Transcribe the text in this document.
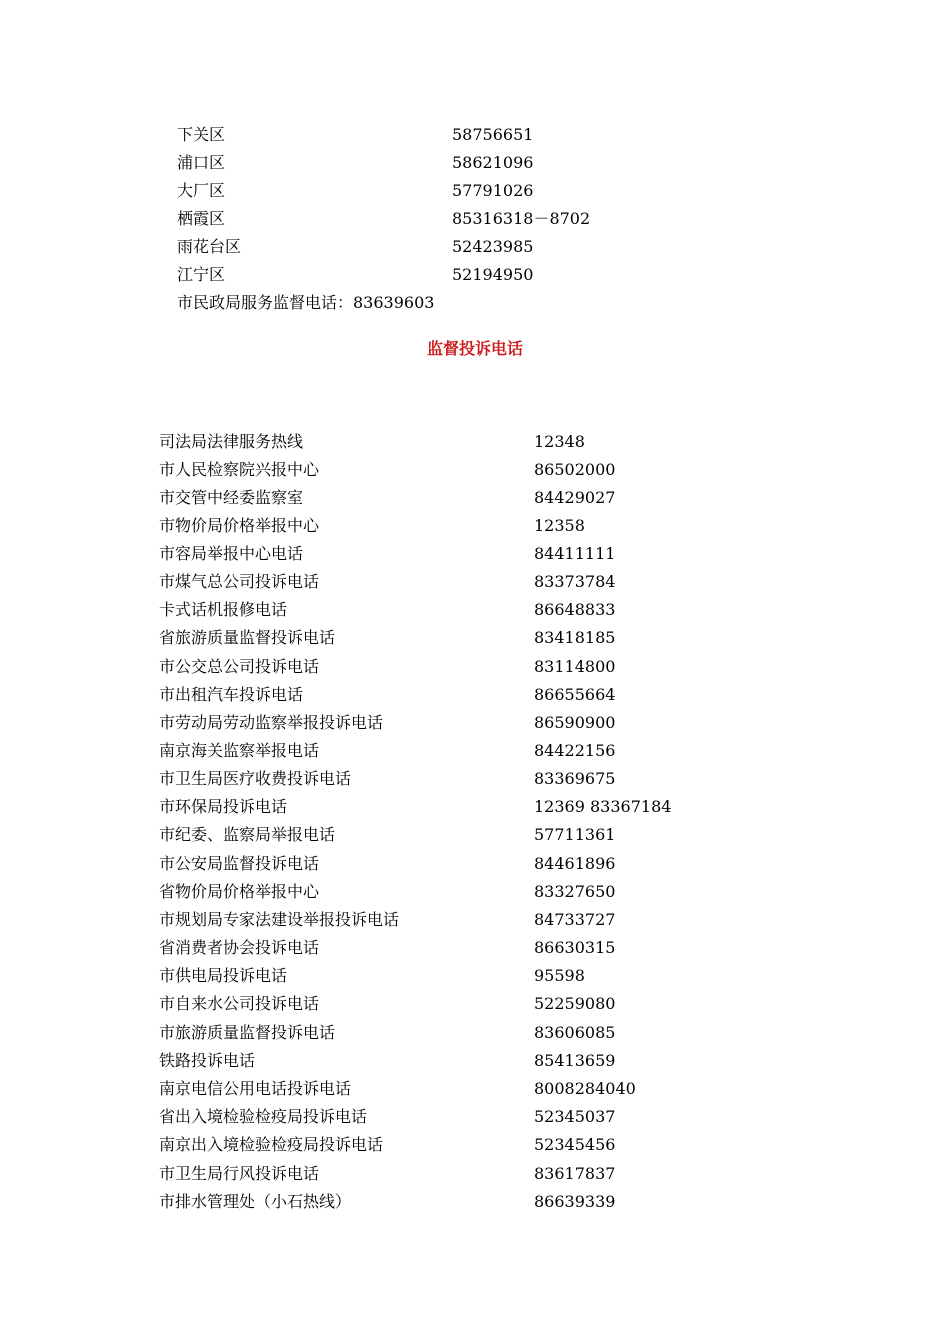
下关区	58756651
浦口区	58621096
大厂区	57791026
栖霞区	85316318－8702
雨花台区	52423985
江宁区	52194950
市民政局服务监督电话：83639603
监督投诉电话
司法局法律服务热线	12348
市人民检察院兴报中心	86502000
市交管中经委监察室	84429027
市物价局价格举报中心	12358
市容局举报中心电话	84411111
市煤气总公司投诉电话	83373784
卡式话机报修电话	86648833
省旅游质量监督投诉电话	83418185
市公交总公司投诉电话	83114800
市出租汽车投诉电话	86655664
市劳动局劳动监察举报投诉电话	86590900
南京海关监察举报电话	84422156
市卫生局医疗收费投诉电话	83369675
市环保局投诉电话	12369 83367184
市纪委、监察局举报电话	57711361
市公安局监督投诉电话	84461896
省物价局价格举报中心	83327650
市规划局专家法建设举报投诉电话	84733727
省消费者协会投诉电话	86630315
市供电局投诉电话	95598
市自来水公司投诉电话	52259080
市旅游质量监督投诉电话	83606085
铁路投诉电话	85413659
南京电信公用电话投诉电话	8008284040
省出入境检验检疫局投诉电话	52345037
南京出入境检验检疫局投诉电话	52345456
市卫生局行风投诉电话	83617837
市排水管理处（小石热线）	86639339
